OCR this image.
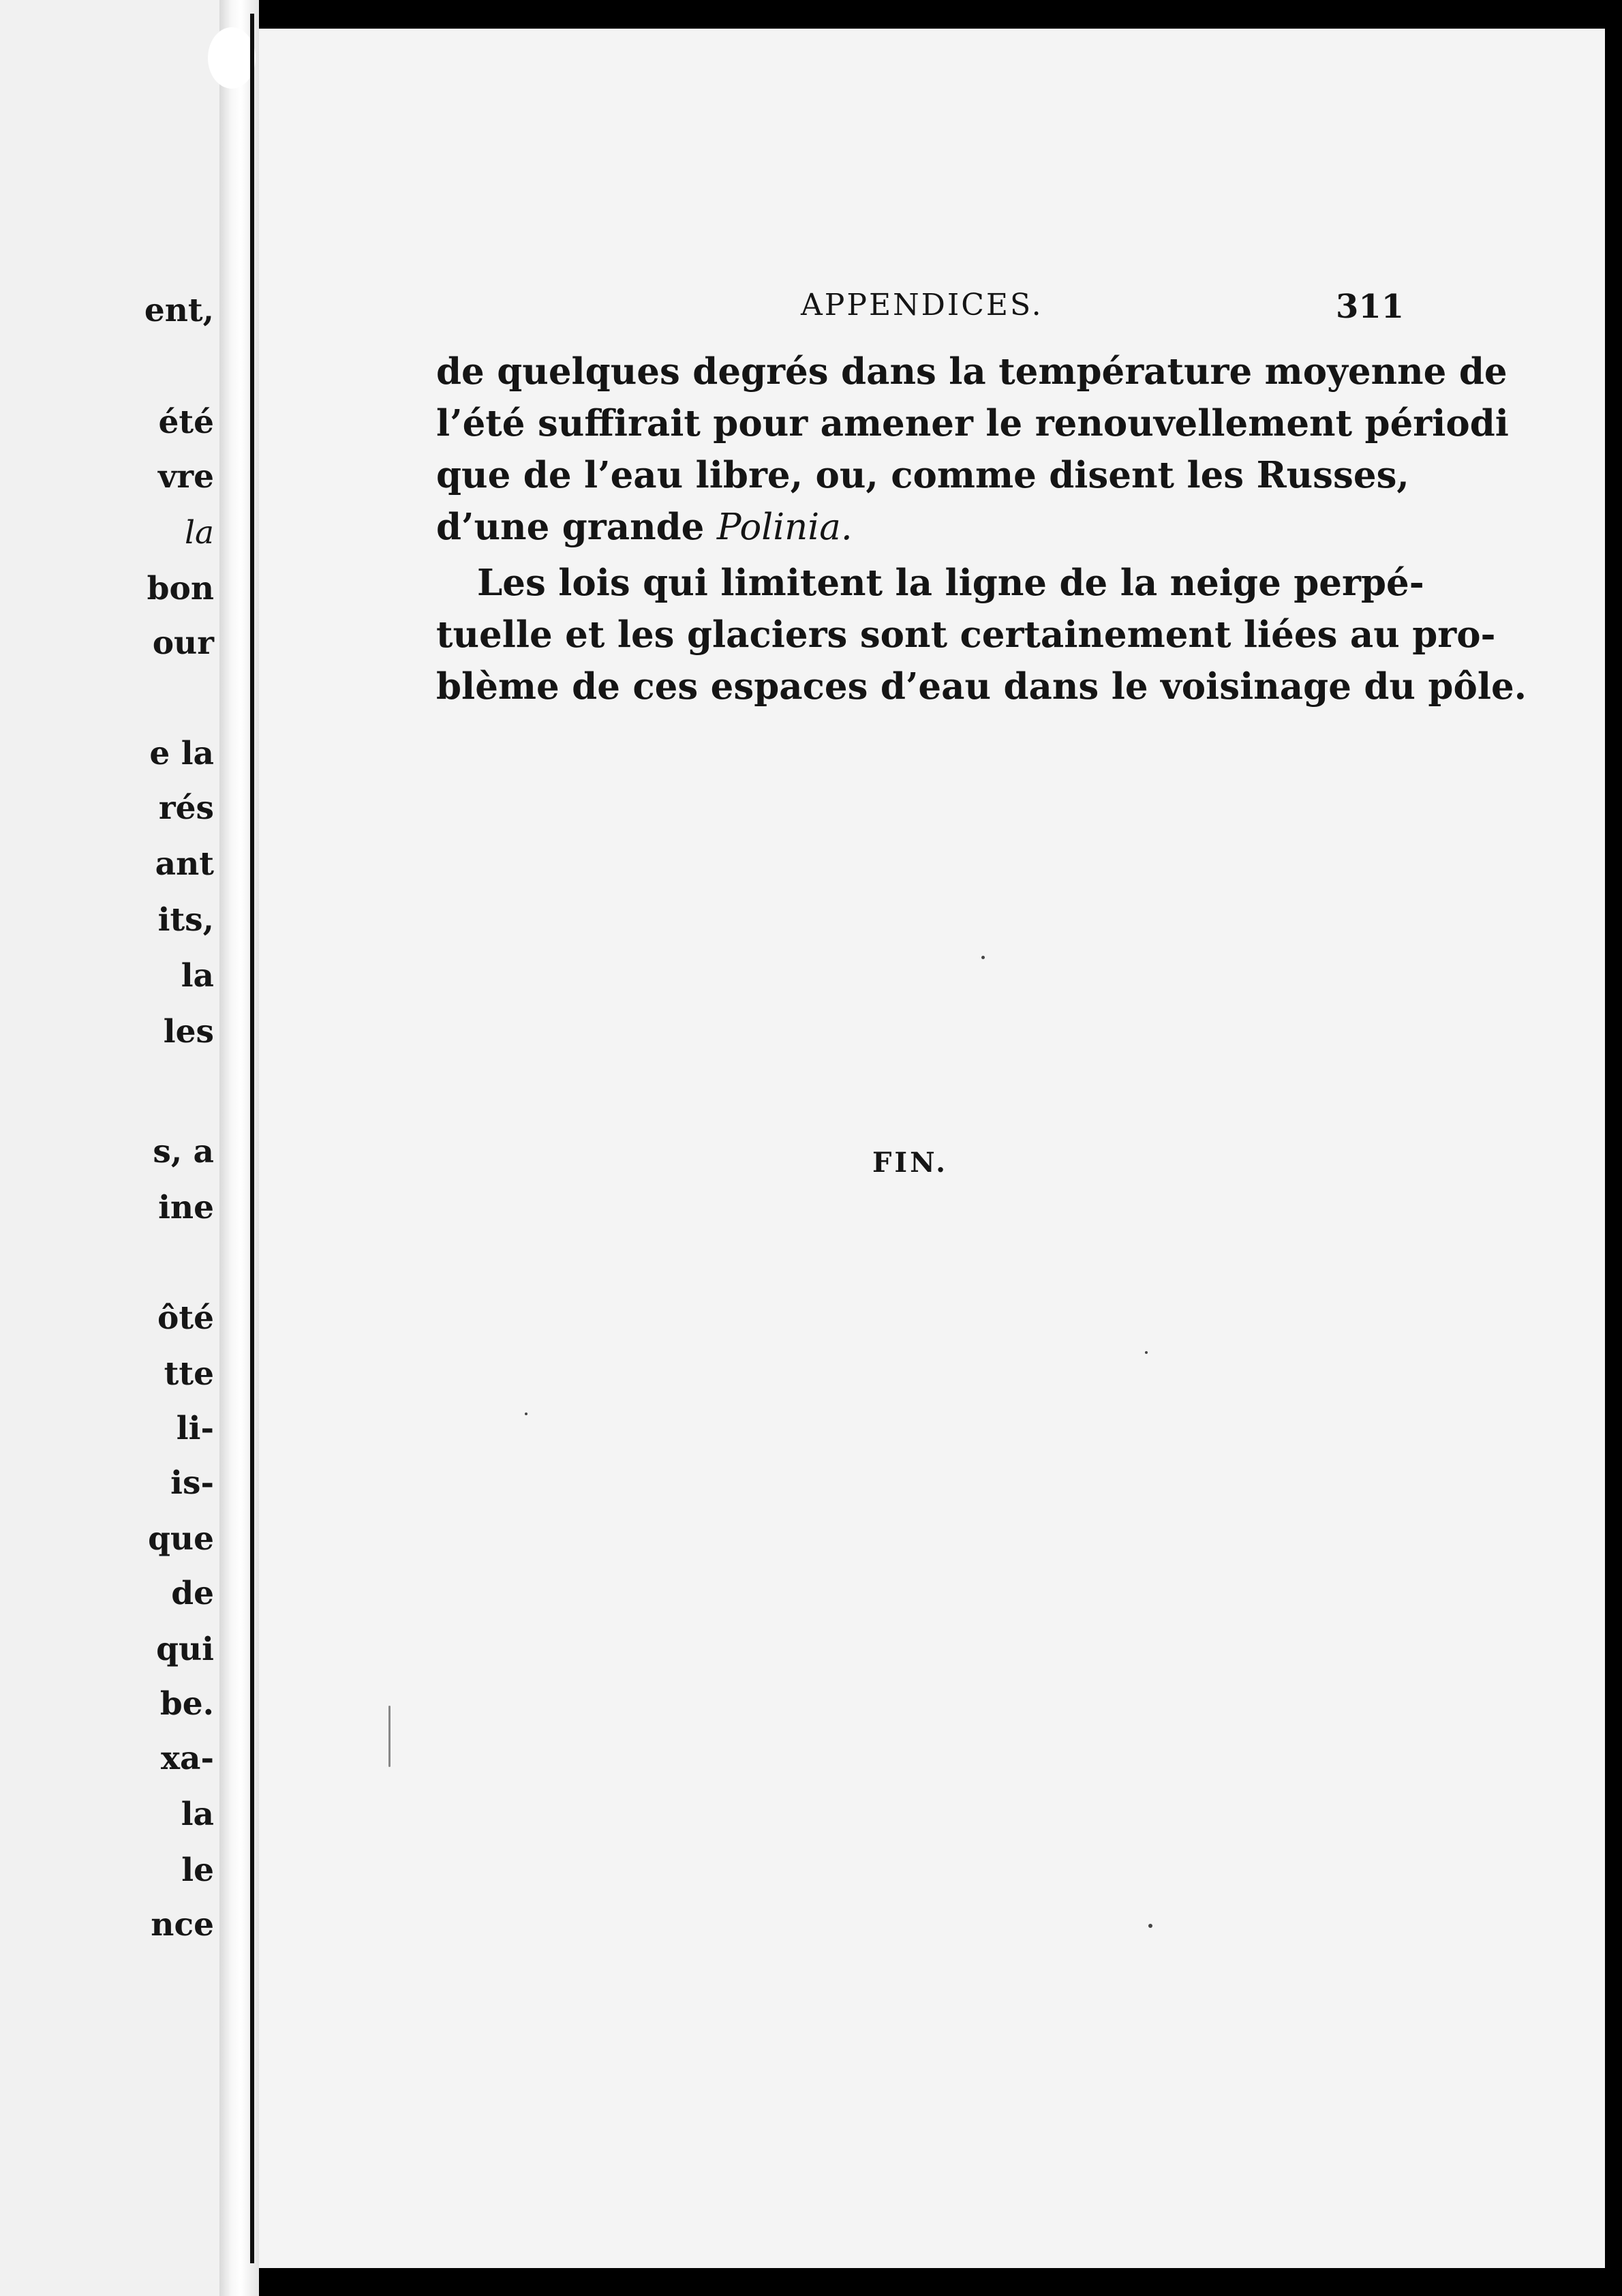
ent,
été
vre
la
bon
our
e la
rés
ant
its,
la
les
s, a
ine
ôté
tte
li-
is-
que
de
qui
be.
xa-
la
le
nce
APPENDICES.	311
de quelques degrés dans la température moyenne de
l’été suffirait pour amener le renouvellement périodi
que de l’eau libre, ou, comme disent les Russes,
d’une grande Polinia.
Les lois qui limitent la ligne de la neige perpé-
tuelle et les glaciers sont certainement liées au pro-
blème de ces espaces d’eau dans le voisinage du pôle.
FIN.
